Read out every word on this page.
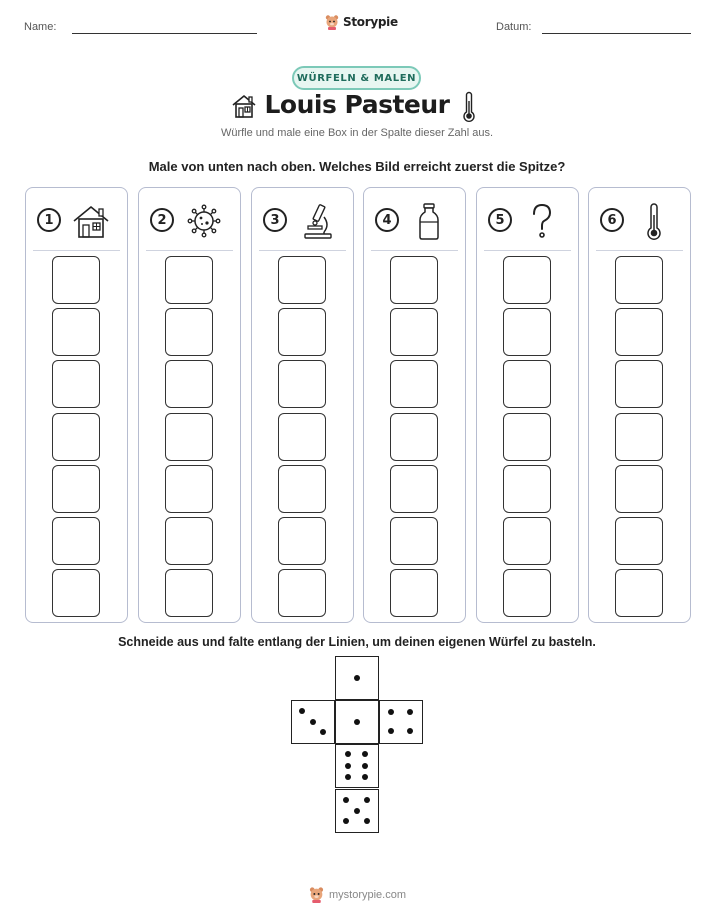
Name:	Storypie	Datum:
WÜRFELN & MALEN
Louis Pasteur
Würfle und male eine Box in der Spalte dieser Zahl aus.
Male von unten nach oben. Welches Bild erreicht zuerst die Spitze?
1	2	3	4	5	6
Schneide aus und falte entlang der Linien, um deinen eigenen Würfel zu basteln.
mystorypie.com
